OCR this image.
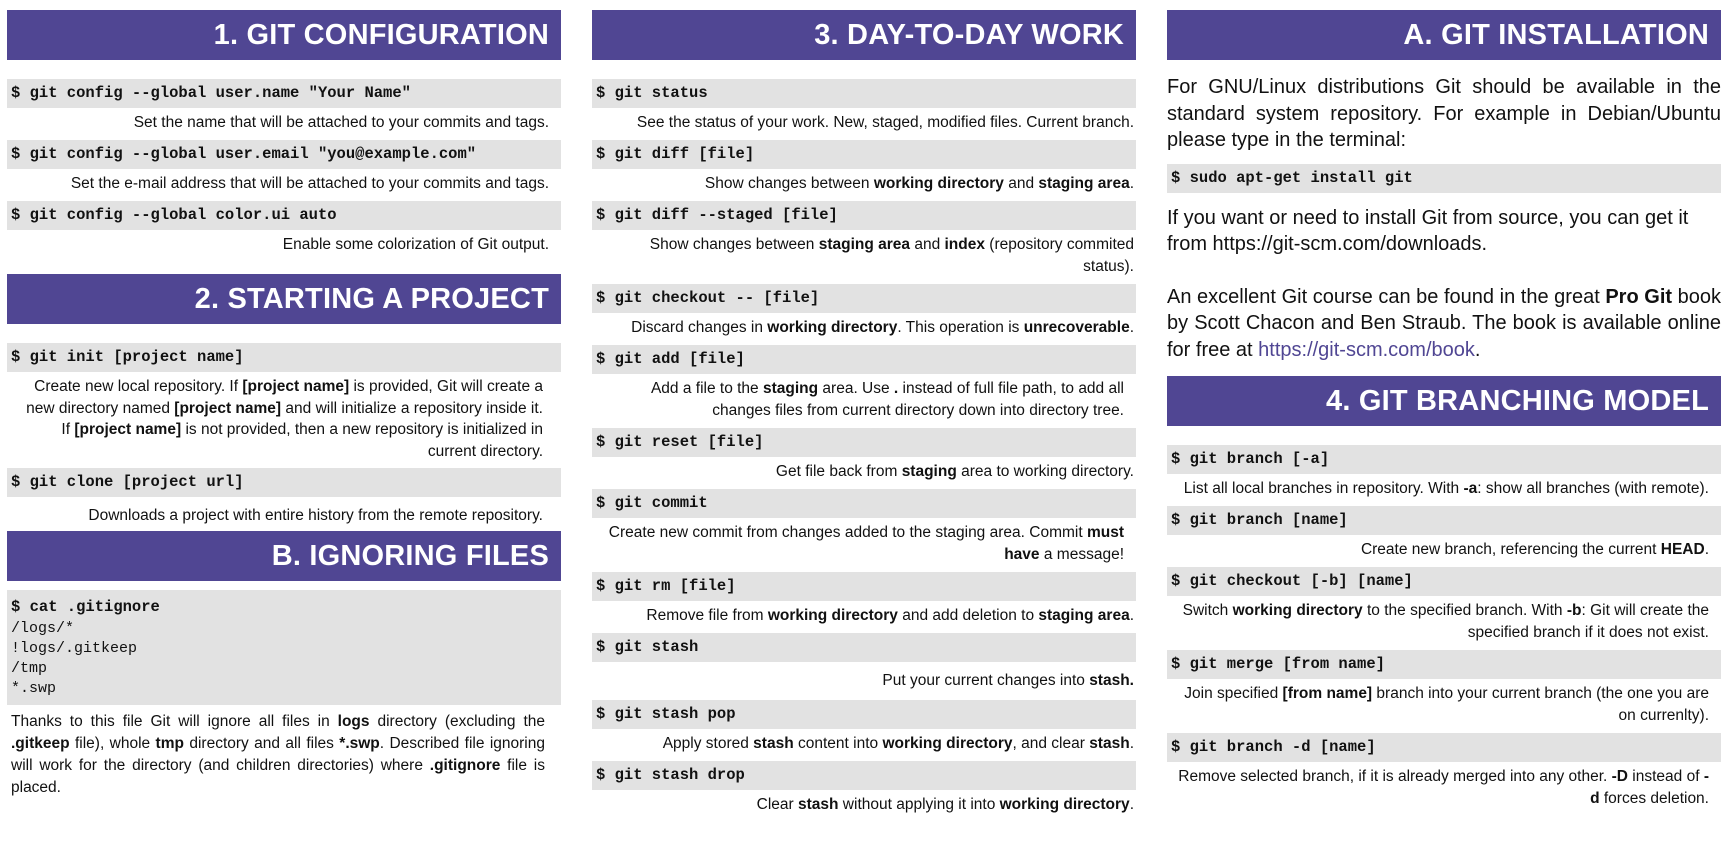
1. GIT CONFIGURATION
$ git config --global user.name "Your Name"
Set the name that will be attached to your commits and tags.
$ git config --global user.email "you@example.com"
Set the e-mail address that will be attached to your commits and tags.
$ git config --global color.ui auto
Enable some colorization of Git output.
2. STARTING A PROJECT
$ git init [project name]
Create new local repository. If [project name] is provided, Git will create a new directory named [project name] and will initialize a repository inside it. If [project name] is not provided, then a new repository is initialized in current directory.
$ git clone [project url]
Downloads a project with entire history from the remote repository.
B. IGNORING FILES
$ cat .gitignore
/logs/*
!logs/.gitkeep
/tmp
*.swp
Thanks to this file Git will ignore all files in logs directory (excluding the .gitkeep file), whole tmp directory and all files *.swp. Described file ignoring will work for the directory (and children directories) where .gitignore file is placed.
3. DAY-TO-DAY WORK
$ git status
See the status of your work. New, staged, modified files. Current branch.
$ git diff [file]
Show changes between working directory and staging area.
$ git diff --staged [file]
Show changes between staging area and index (repository commited status).
$ git checkout -- [file]
Discard changes in working directory. This operation is unrecoverable.
$ git add [file]
Add a file to the staging area. Use . instead of full file path, to add all changes files from current directory down into directory tree.
$ git reset [file]
Get file back from staging area to working directory.
$ git commit
Create new commit from changes added to the staging area. Commit must have a message!
$ git rm [file]
Remove file from working directory and add deletion to staging area.
$ git stash
Put your current changes into stash.
$ git stash pop
Apply stored stash content into working directory, and clear stash.
$ git stash drop
Clear stash without applying it into working directory.
A. GIT INSTALLATION
For GNU/Linux distributions Git should be available in the standard system repository. For example in Debian/Ubuntu please type in the terminal:
$ sudo apt-get install git
If you want or need to install Git from source, you can get it from https://git-scm.com/downloads.
An excellent Git course can be found in the great Pro Git book by Scott Chacon and Ben Straub. The book is available online for free at https://git-scm.com/book.
4. GIT BRANCHING MODEL
$ git branch [-a]
List all local branches in repository. With -a: show all branches (with remote).
$ git branch [name]
Create new branch, referencing the current HEAD.
$ git checkout [-b] [name]
Switch working directory to the specified branch. With -b: Git will create the specified branch if it does not exist.
$ git merge [from name]
Join specified [from name] branch into your current branch (the one you are on currenlty).
$ git branch -d [name]
Remove selected branch, if it is already merged into any other. -D instead of -d forces deletion.
